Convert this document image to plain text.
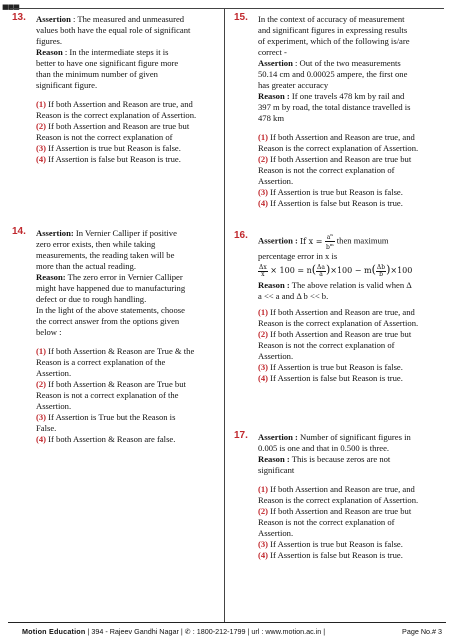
■■■
13. Assertion : The measured and unmeasured

values both have the equal role of significant

figures.

Reason : In the intermediate steps it is

better to have one significant figure more

than the minimum number of given

significant figure.

(1) If both Assertion and Reason are true, and

Reason is the correct explanation of Assertion.

(2) If both Assertion and Reason are true but

Reason is not the correct explanation of

(3) If Assertion is true but Reason is false.

(4) If Assertion is false but Reason is true.

14. Assertion: In Vernier Calliper if positive

zero error exists, then while taking

measurements, the reading taken will be

more than the actual reading.

Reason: The zero error in Vernier Calliper

might have happened due to manufacturing

defect or due to rough handling.

In the light of the above statements, choose

the correct answer from the options given

below :

(1) If both Assertion & Reason are True & the

Reason is a correct explanation of the

Assertion.

(2) If both Assertion & Reason are True but

Reason is not a correct explanation of the

Assertion.

(3) If Assertion is True but the Reason is

False.

(4) If both Assertion & Reason are false.

15. In the context of accuracy of measurement

and significant figures in expressing results

of experiment, which of the following is/are

correct -

Assertion : Out of the two measurements

50.14 cm and 0.00025 ampere, the first one

has greater accuracy

Reason : If one travels 478 km by rail and

397 m by road, the total distance travelled is

478 km

(1) If both Assertion and Reason are true, and

Reason is the correct explanation of Assertion.

(2) If both Assertion and Reason are true but

Reason is not the correct explanation of

Assertion.

(3) If Assertion is true but Reason is false.

(4) If Assertion is false but Reason is true.

16. Assertion : If $x = \frac{a^n}{b^m}$ then maximum

percentage error in x is

$\frac{\Delta x}{x} \times 100 = n( \frac{\Delta a}{a} )\times 100 - m( \frac{\Delta b}{b} )\times 100$

Reason : The above relation is valid when Δ

a << a and Δ b << b.

(1) If both Assertion and Reason are true, and

Reason is the correct explanation of Assertion.

(2) If both Assertion and Reason are true but

Reason is not the correct explanation of

Assertion.

(3) If Assertion is true but Reason is false.

(4) If Assertion is false but Reason is true.

17. Assertion : Number of significant figures in

0.005 is one and that in 0.500 is three.

Reason : This is because zeros are not

significant

(1) If both Assertion and Reason are true, and

Reason is the correct explanation of Assertion.

(2) If both Assertion and Reason are true but

Reason is not the correct explanation of

Assertion.

(3) If Assertion is true but Reason is false.

(4) If Assertion is false but Reason is true.

Motion Education | 394 - Rajeev Gandhi Nagar | ✆ : 1800-212-1799 | url : www.motion.ac.in |	Page No.# 3
